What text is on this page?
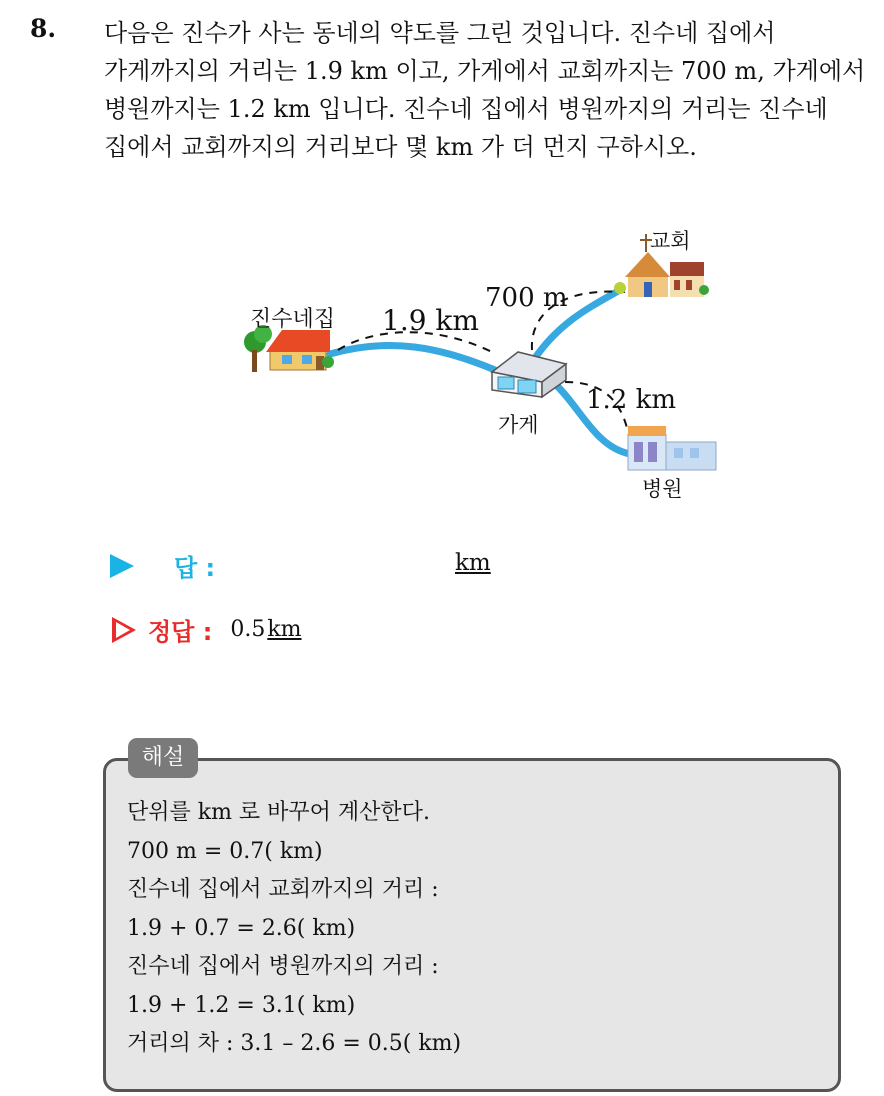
8. 다음은 진수가 사는 동네의 약도를 그린 것입니다. 진수네 집에서
가게까지의 거리는 1.9 km 이고, 가게에서 교회까지는 700 m, 가게에서
병원까지는 1.2 km 입니다. 진수네 집에서 병원까지의 거리는 진수네
집에서 교회까지의 거리보다 몇 km 가 더 먼지 구하시오.
진수네집 1.9 km
700 m
교회
가게
1.2 km
병원
답 :	km
정답 : 0.5 km
해설
단위를 km 로 바꾸어 계산한다.
700 m = 0.7( km)
진수네 집에서 교회까지의 거리 :
1.9 + 0.7 = 2.6( km)
진수네 집에서 병원까지의 거리 :
1.9 + 1.2 = 3.1( km)
거리의 차 : 3.1 – 2.6 = 0.5( km)
